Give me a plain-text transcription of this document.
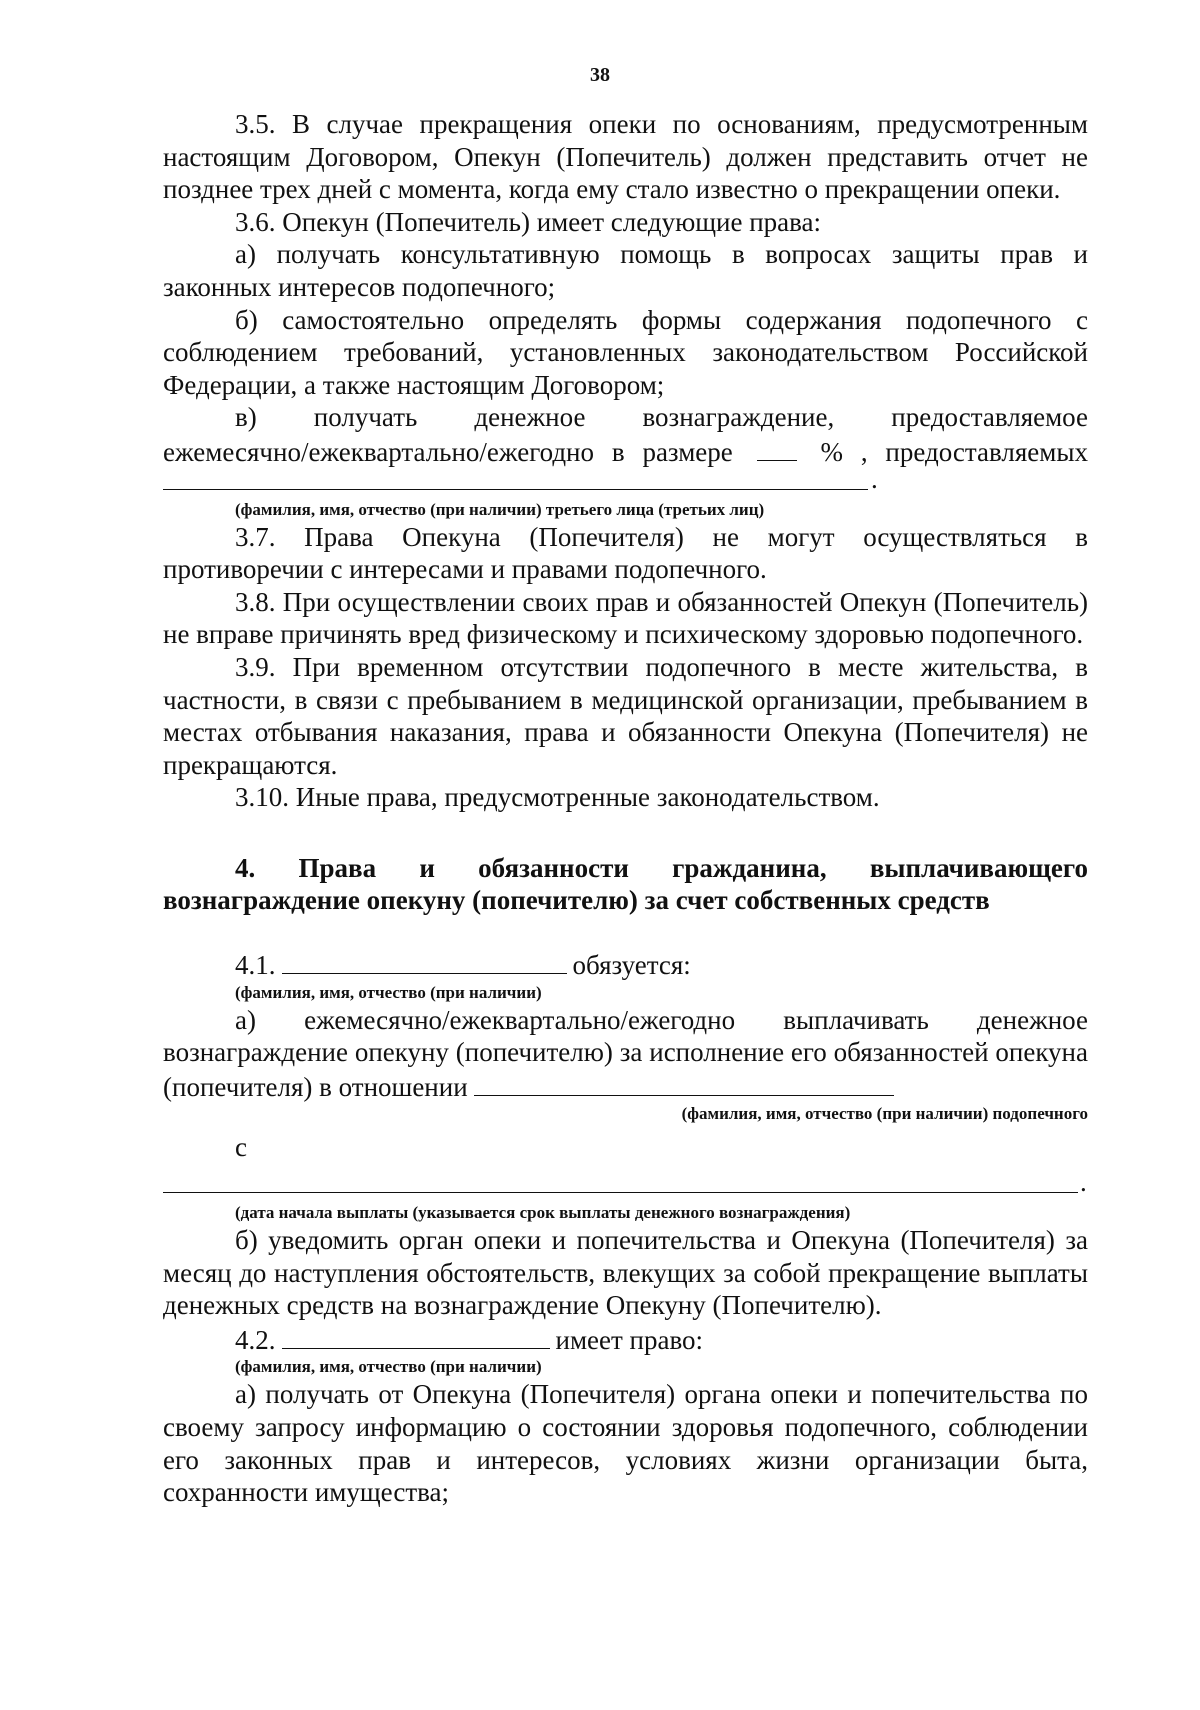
38

3.5. В случае прекращения опеки по основаниям, предусмотренным настоящим Договором, Опекун (Попечитель) должен представить отчет не позднее трех дней с момента, когда ему стало известно о прекращении опеки.

3.6. Опекун (Попечитель) имеет следующие права:

а) получать консультативную помощь в вопросах защиты прав и законных интересов подопечного;

б) самостоятельно определять формы содержания подопечного с соблюдением требований, установленных законодательством Российской Федерации, а также настоящим Договором;

в) получать денежное вознаграждение, предоставляемое

ежемесячно/ежеквартально/ежегодно в размере	% , предоставляемых

.
(фамилия, имя, отчество (при наличии) третьего лица (третьих лиц)

3.7. Права Опекуна (Попечителя) не могут осуществляться в противоречии с интересами и правами подопечного.

3.8. При осуществлении своих прав и обязанностей Опекун (Попечитель) не вправе причинять вред физическому и психическому здоровью подопечного.

3.9. При временном отсутствии подопечного в месте жительства, в частности, в связи с пребыванием в медицинской организации, пребыванием в местах отбывания наказания, права и обязанности Опекуна (Попечителя) не прекращаются.

3.10. Иные права, предусмотренные законодательством.

4. Права и обязанности гражданина, выплачивающего вознаграждение опекуну (попечителю) за счет собственных средств

4.1.	обязуется:

(фамилия, имя, отчество (при наличии)

а) ежемесячно/ежеквартально/ежегодно выплачивать денежное вознаграждение опекуну (попечителю) за исполнение его обязанностей опекуна (попечителя) в отношении

(фамилия, имя, отчество (при наличии) подопечного

с

.
(дата начала выплаты (указывается срок выплаты денежного вознаграждения)

б) уведомить орган опеки и попечительства и Опекуна (Попечителя) за месяц до наступления обстоятельств, влекущих за собой прекращение выплаты денежных средств на вознаграждение Опекуну (Попечителю).

4.2.	имеет право:

(фамилия, имя, отчество (при наличии)

а) получать от Опекуна (Попечителя) органа опеки и попечительства по своему запросу информацию о состоянии здоровья подопечного, соблюдении его законных прав и интересов, условиях жизни организации быта, сохранности имущества;
